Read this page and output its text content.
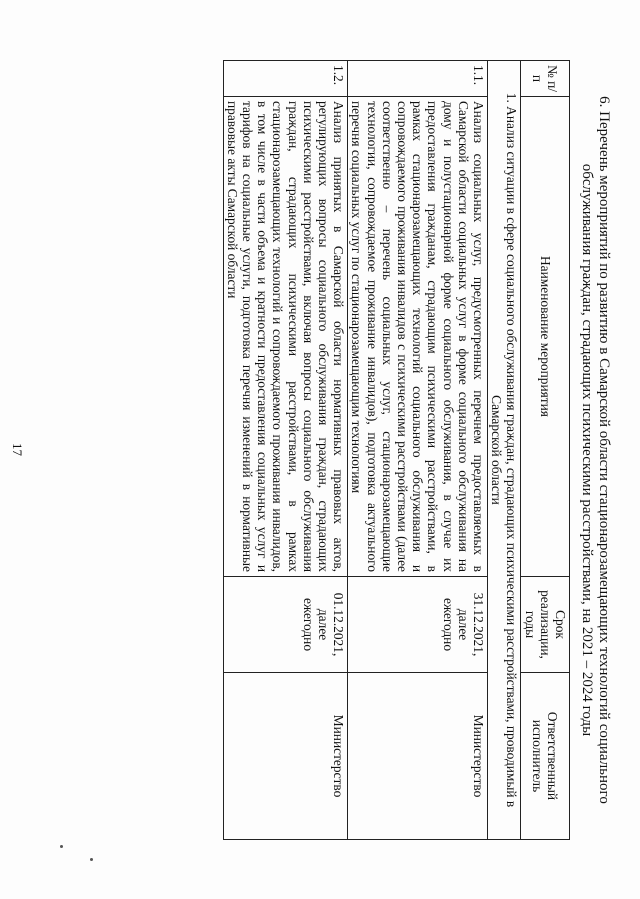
6. Перечень мероприятий по развитию в Самарской области стационарозамещающих технологий социального обслуживания граждан, страдающих психическими расстройствами, на 2021 – 2024 годы
№ п/п	Наименование мероприятия	Срок реализации, годы	Ответственный исполнитель
1. Анализ ситуации в сфере социального обслуживания граждан, страдающих психическими расстройствами, проводимый в Самарской области			
1.1.	Анализ социальных услуг, предусмотренных перечнем предоставляемых в Самарской области социальных услуг в форме социального обслуживания на дому и полустационарной форме социального обслуживания, в случае их предоставления гражданам, страдающим психическими расстройствами, в рамках стационарозамещающих технологий социального обслуживания и сопровождаемого проживания инвалидов с психическими расстройствами (далее соответственно – перечень социальных услуг, стационарозамещающие технологии, сопровождаемое проживание инвалидов), подготовка актуального перечня социальных услуг по стационарозамещающим технологиям	31.12.2021, далее ежегодно	Министерство
1.2.	Анализ принятых в Самарской области нормативных правовых актов, регулирующих вопросы социального обслуживания граждан, страдающих психическими расстройствами, включая вопросы социального обслуживания граждан, страдающих психическими расстройствами, в рамках стационарозамещающих технологий и сопровождаемого проживания инвалидов, в том числе в части объема и кратности предоставления социальных услуг и тарифов на социальные услуги, подготовка перечня изменений в нормативные правовые акты Самарской области	01.12.2021, далее ежегодно	Министерство
17
